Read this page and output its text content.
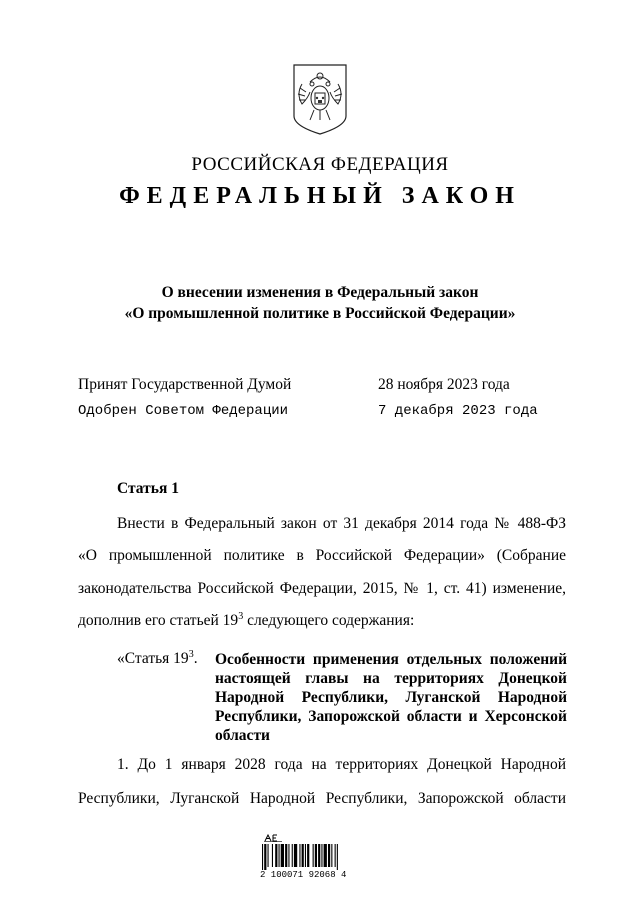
РОССИЙСКАЯ ФЕДЕРАЦИЯ
ФЕДЕРАЛЬНЫЙ ЗАКОН
О внесении изменения в Федеральный закон
«О промышленной политике в Российской Федерации»
Принят Государственной Думой	28 ноября 2023 года
Одобрен Советом Федерации	7 декабря 2023 года
Статья 1
Внести в Федеральный закон от 31 декабря 2014 года № 488-ФЗ
«О промышленной политике в Российской Федерации» (Собрание
законодательства Российской Федерации, 2015, № 1, ст. 41) изменение,
дополнив его статьей $19^3$ следующего содержания:
«Статья $19^3$. Особенности применения отдельных положений настоящей главы на территориях Донецкой Народной Республики, Луганской Народной Республики, Запорожской области и Херсонской области
1. До 1 января 2028 года на территориях Донецкой Народной
Республики, Луганской Народной Республики, Запорожской области
2 100071 92068 4
